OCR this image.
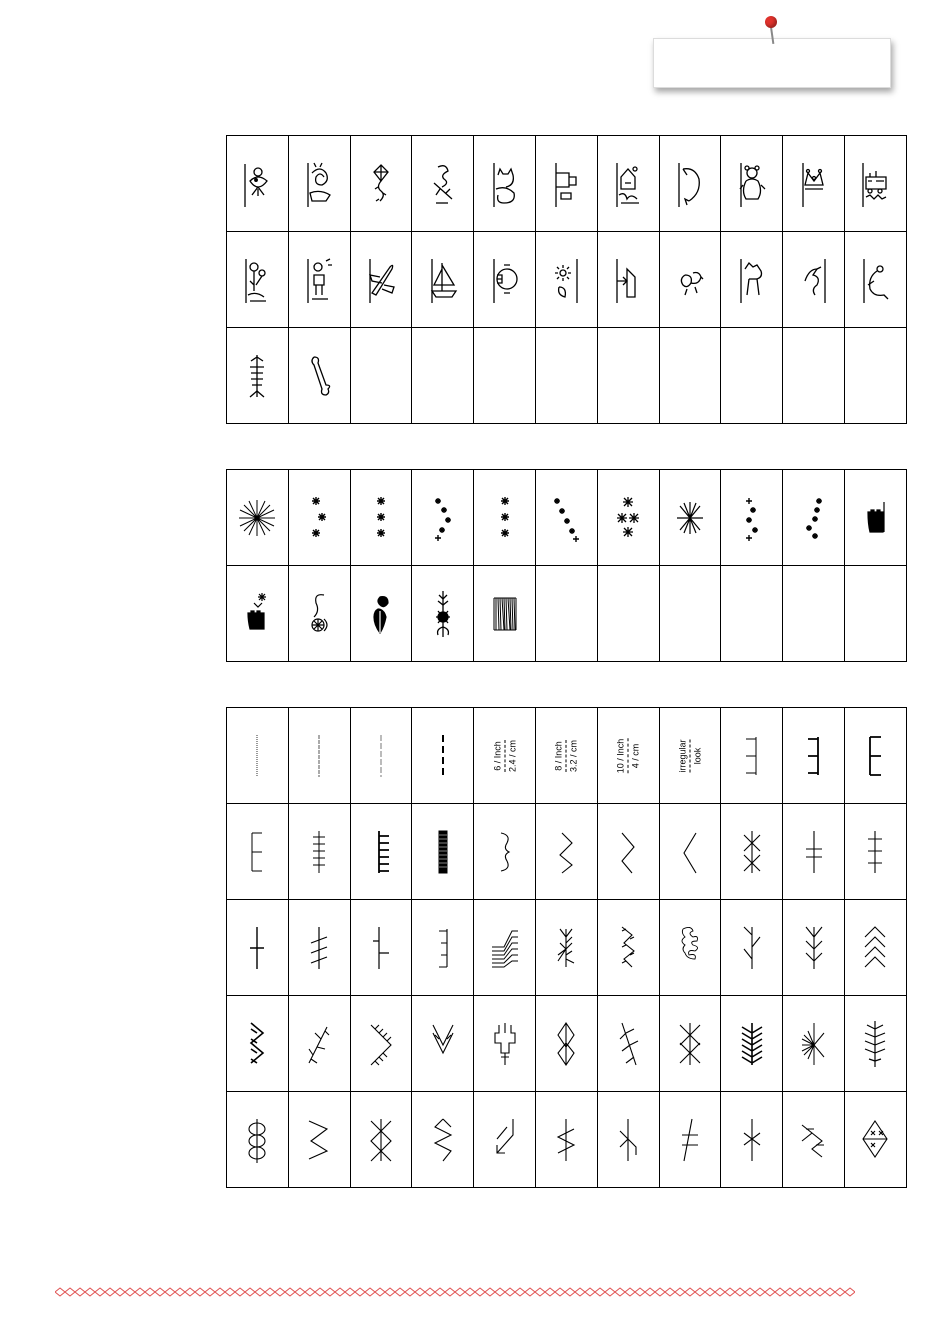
6 / Inch 2.4 / cm	8 / Inch 3.2 / cm	10 / Inch 4 / cm	irregular look
